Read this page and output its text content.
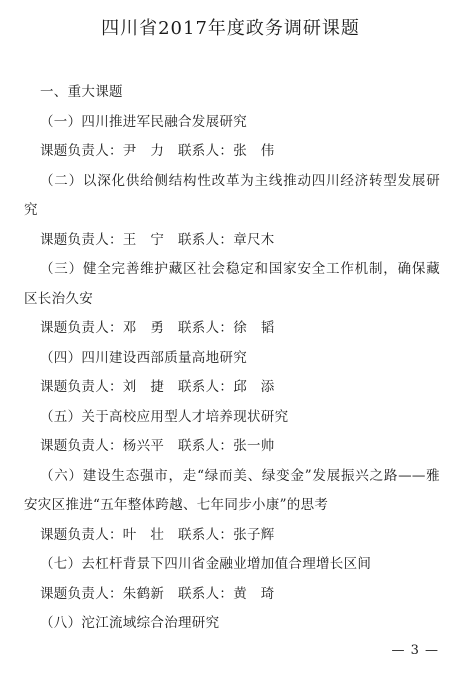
四川省2017年度政务调研课题

一、重大课题

（一）四川推进军民融合发展研究

课题负责人：尹　力　联系人：张　伟

（二）以深化供给侧结构性改革为主线推动四川经济转型发展研究

课题负责人：王　宁　联系人：章尺木

（三）健全完善维护藏区社会稳定和国家安全工作机制，确保藏区长治久安

课题负责人：邓　勇　联系人：徐　韬

（四）四川建设西部质量高地研究

课题负责人：刘　捷　联系人：邱　添

（五）关于高校应用型人才培养现状研究

课题负责人：杨兴平　联系人：张一帅

（六）建设生态强市，走“绿而美、绿变金”发展振兴之路——雅安灾区推进“五年整体跨越、七年同步小康”的思考

课题负责人：叶　壮　联系人：张子辉

（七）去杠杆背景下四川省金融业增加值合理增长区间

课题负责人：朱鹤新　联系人：黄　琦

（八）沱江流域综合治理研究

— 3 —
